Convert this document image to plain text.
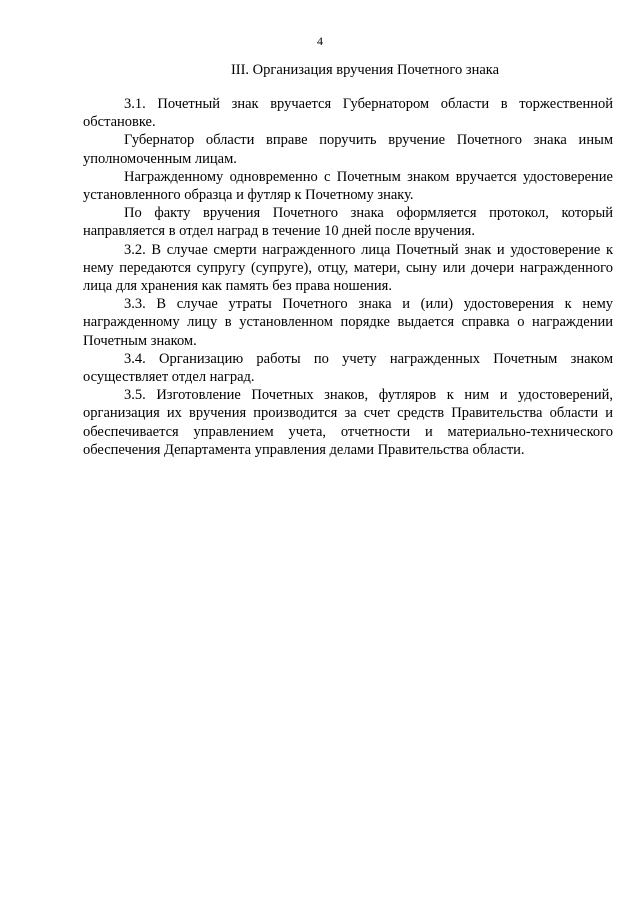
4
III. Организация вручения Почетного знака

3.1. Почетный знак вручается Губернатором области в торжественной обстановке.

Губернатор области вправе поручить вручение Почетного знака иным уполномоченным лицам.

Награжденному одновременно с Почетным знаком вручается удостоверение установленного образца и футляр к Почетному знаку.

По факту вручения Почетного знака оформляется протокол, который направляется в отдел наград в течение 10 дней после вручения.

3.2. В случае смерти награжденного лица Почетный знак и удостоверение к нему передаются супругу (супруге), отцу, матери, сыну или дочери награжденного лица для хранения как память без права ношения.

3.3. В случае утраты Почетного знака и (или) удостоверения к нему награжденному лицу в установленном порядке выдается справка о награждении Почетным знаком.

3.4. Организацию работы по учету награжденных Почетным знаком осуществляет отдел наград.

3.5. Изготовление Почетных знаков, футляров к ним и удостоверений, организация их вручения производится за счет средств Правительства области и обеспечивается управлением учета, отчетности и материально-технического обеспечения Департамента управления делами Правительства области.
